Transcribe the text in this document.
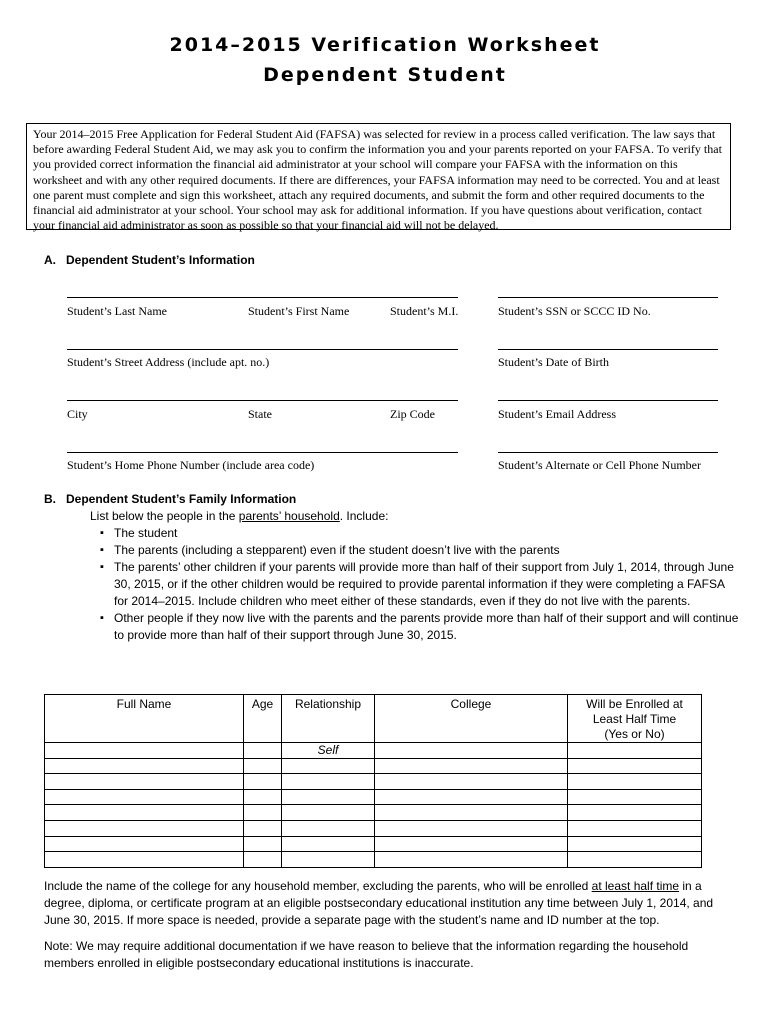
2014–2015 Verification Worksheet
Dependent Student
Your 2014–2015 Free Application for Federal Student Aid (FAFSA) was selected for review in a process called verification. The law says that before awarding Federal Student Aid, we may ask you to confirm the information you and your parents reported on your FAFSA. To verify that you provided correct information the financial aid administrator at your school will compare your FAFSA with the information on this worksheet and with any other required documents. If there are differences, your FAFSA information may need to be corrected. You and at least one parent must complete and sign this worksheet, attach any required documents, and submit the form and other required documents to the financial aid administrator at your school. Your school may ask for additional information. If you have questions about verification, contact your financial aid administrator as soon as possible so that your financial aid will not be delayed.
A. Dependent Student’s Information
Student’s Last Name	Student’s First Name	Student’s M.I.	Student’s SSN or SCCC ID No.
Student’s Street Address (include apt. no.)	Student’s Date of Birth
City	State	Zip Code	Student’s Email Address
Student’s Home Phone Number (include area code)	Student’s Alternate or Cell Phone Number
B. Dependent Student’s Family Information
List below the people in the parents’ household. Include:
▪ The student
▪ The parents (including a stepparent) even if the student doesn’t live with the parents
▪ The parents’ other children if your parents will provide more than half of their support from July 1, 2014, through June 30, 2015, or if the other children would be required to provide parental information if they were completing a FAFSA for 2014–2015. Include children who meet either of these standards, even if they do not live with the parents.
▪ Other people if they now live with the parents and the parents provide more than half of their support and will continue to provide more than half of their support through June 30, 2015.
Full Name	Age	Relationship	College	Will be Enrolled at
Least Half Time
(Yes or No)
		Self		

Include the name of the college for any household member, excluding the parents, who will be enrolled at least half time in a degree, diploma, or certificate program at an eligible postsecondary educational institution any time between July 1, 2014, and June 30, 2015. If more space is needed, provide a separate page with the student’s name and ID number at the top.
Note: We may require additional documentation if we have reason to believe that the information regarding the household members enrolled in eligible postsecondary educational institutions is inaccurate.
